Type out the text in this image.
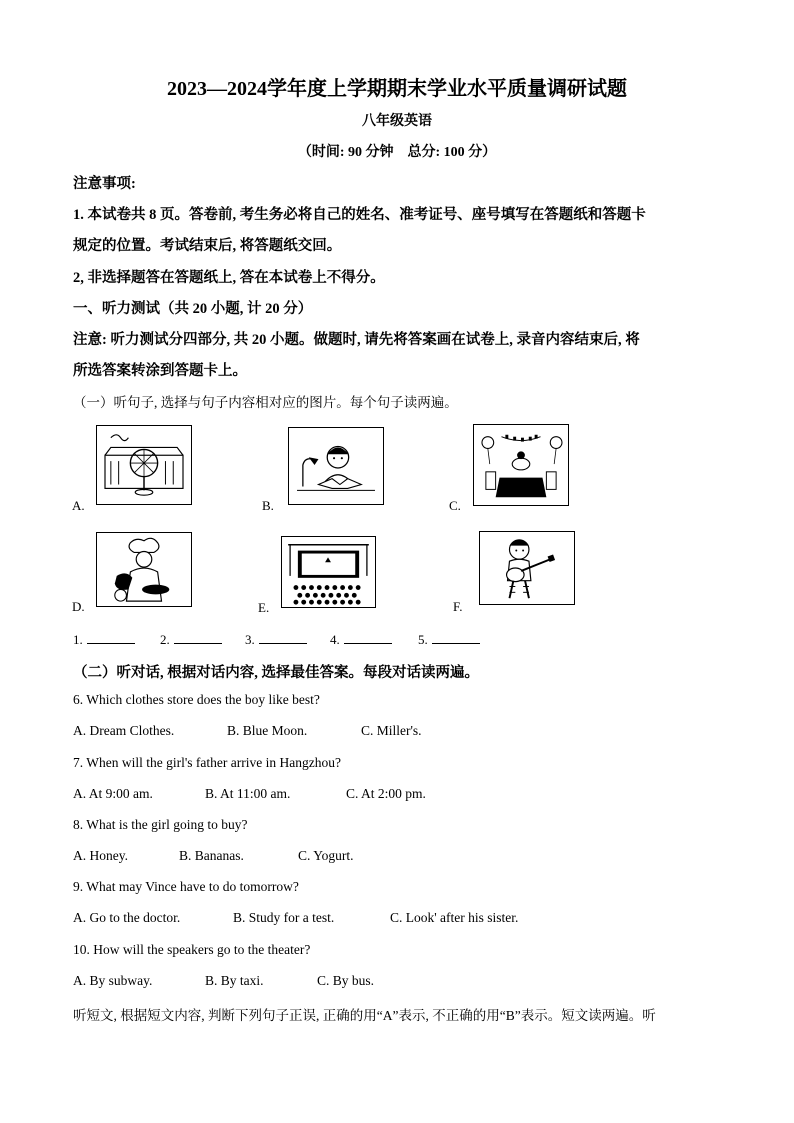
2023—2024学年度上学期期末学业水平质量调研试题
八年级英语
（时间: 90 分钟　总分: 100 分）
注意事项:
1. 本试卷共 8 页。答卷前, 考生务必将自己的姓名、准考证号、座号填写在答题纸和答题卡
规定的位置。考试结束后, 将答题纸交回。
2, 非选择题答在答题纸上, 答在本试卷上不得分。
一、听力测试（共 20 小题, 计 20 分）
注意: 听力测试分四部分, 共 20 小题。做题时, 请先将答案画在试卷上, 录音内容结束后, 将
所选答案转涂到答题卡上。
（一）听句子, 选择与句子内容相对应的图片。每个句子读两遍。
A.	B.	C.
D.	E.	F.
1.	2.	3.	4.	5.
（二）听对话, 根据对话内容, 选择最佳答案。每段对话读两遍。
6. Which clothes store does the boy like best?
A. Dream Clothes.	B. Blue Moon.	C. Miller's.
7. When will the girl's father arrive in Hangzhou?
A. At 9:00 am.	B. At 11:00 am.	C. At 2:00 pm.
8. What is the girl going to buy?
A. Honey.	B. Bananas.	C. Yogurt.
9. What may Vince have to do tomorrow?
A. Go to the doctor.	B. Study for a test.	C. Look' after his sister.
10. How will the speakers go to the theater?
A. By subway.	B. By taxi.	C. By bus.
听短文, 根据短文内容, 判断下列句子正误, 正确的用“A”表示, 不正确的用“B”表示。短文读两遍。听
